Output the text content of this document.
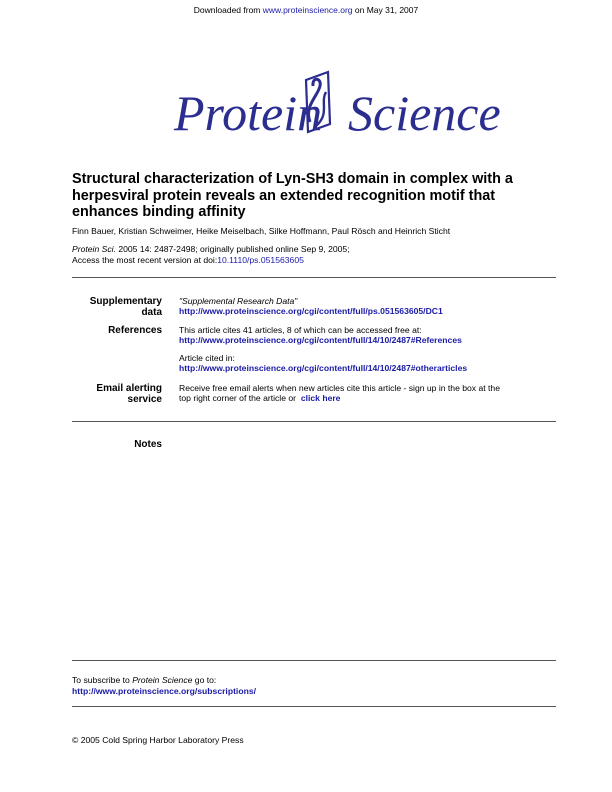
Downloaded from www.proteinscience.org on May 31, 2007
Protein Science
Structural characterization of Lyn-SH3 domain in complex with a
herpesviral protein reveals an extended recognition motif that
enhances binding affinity
Finn Bauer, Kristian Schweimer, Heike Meiselbach, Silke Hoffmann, Paul Rösch and Heinrich Sticht
Protein Sci. 2005 14: 2487-2498; originally published online Sep 9, 2005;
Access the most recent version at doi:10.1110/ps.051563605
Supplementary
data
"Supplemental Research Data"
http://www.proteinscience.org/cgi/content/full/ps.051563605/DC1
References This article cites 41 articles, 8 of which can be accessed free at:
http://www.proteinscience.org/cgi/content/full/14/10/2487#References
Article cited in:
http://www.proteinscience.org/cgi/content/full/14/10/2487#otherarticles
Email alerting
service
Receive free email alerts when new articles cite this article - sign up in the box at the
top right corner of the article or click here
Notes
To subscribe to Protein Science go to:
http://www.proteinscience.org/subscriptions/
© 2005 Cold Spring Harbor Laboratory Press
